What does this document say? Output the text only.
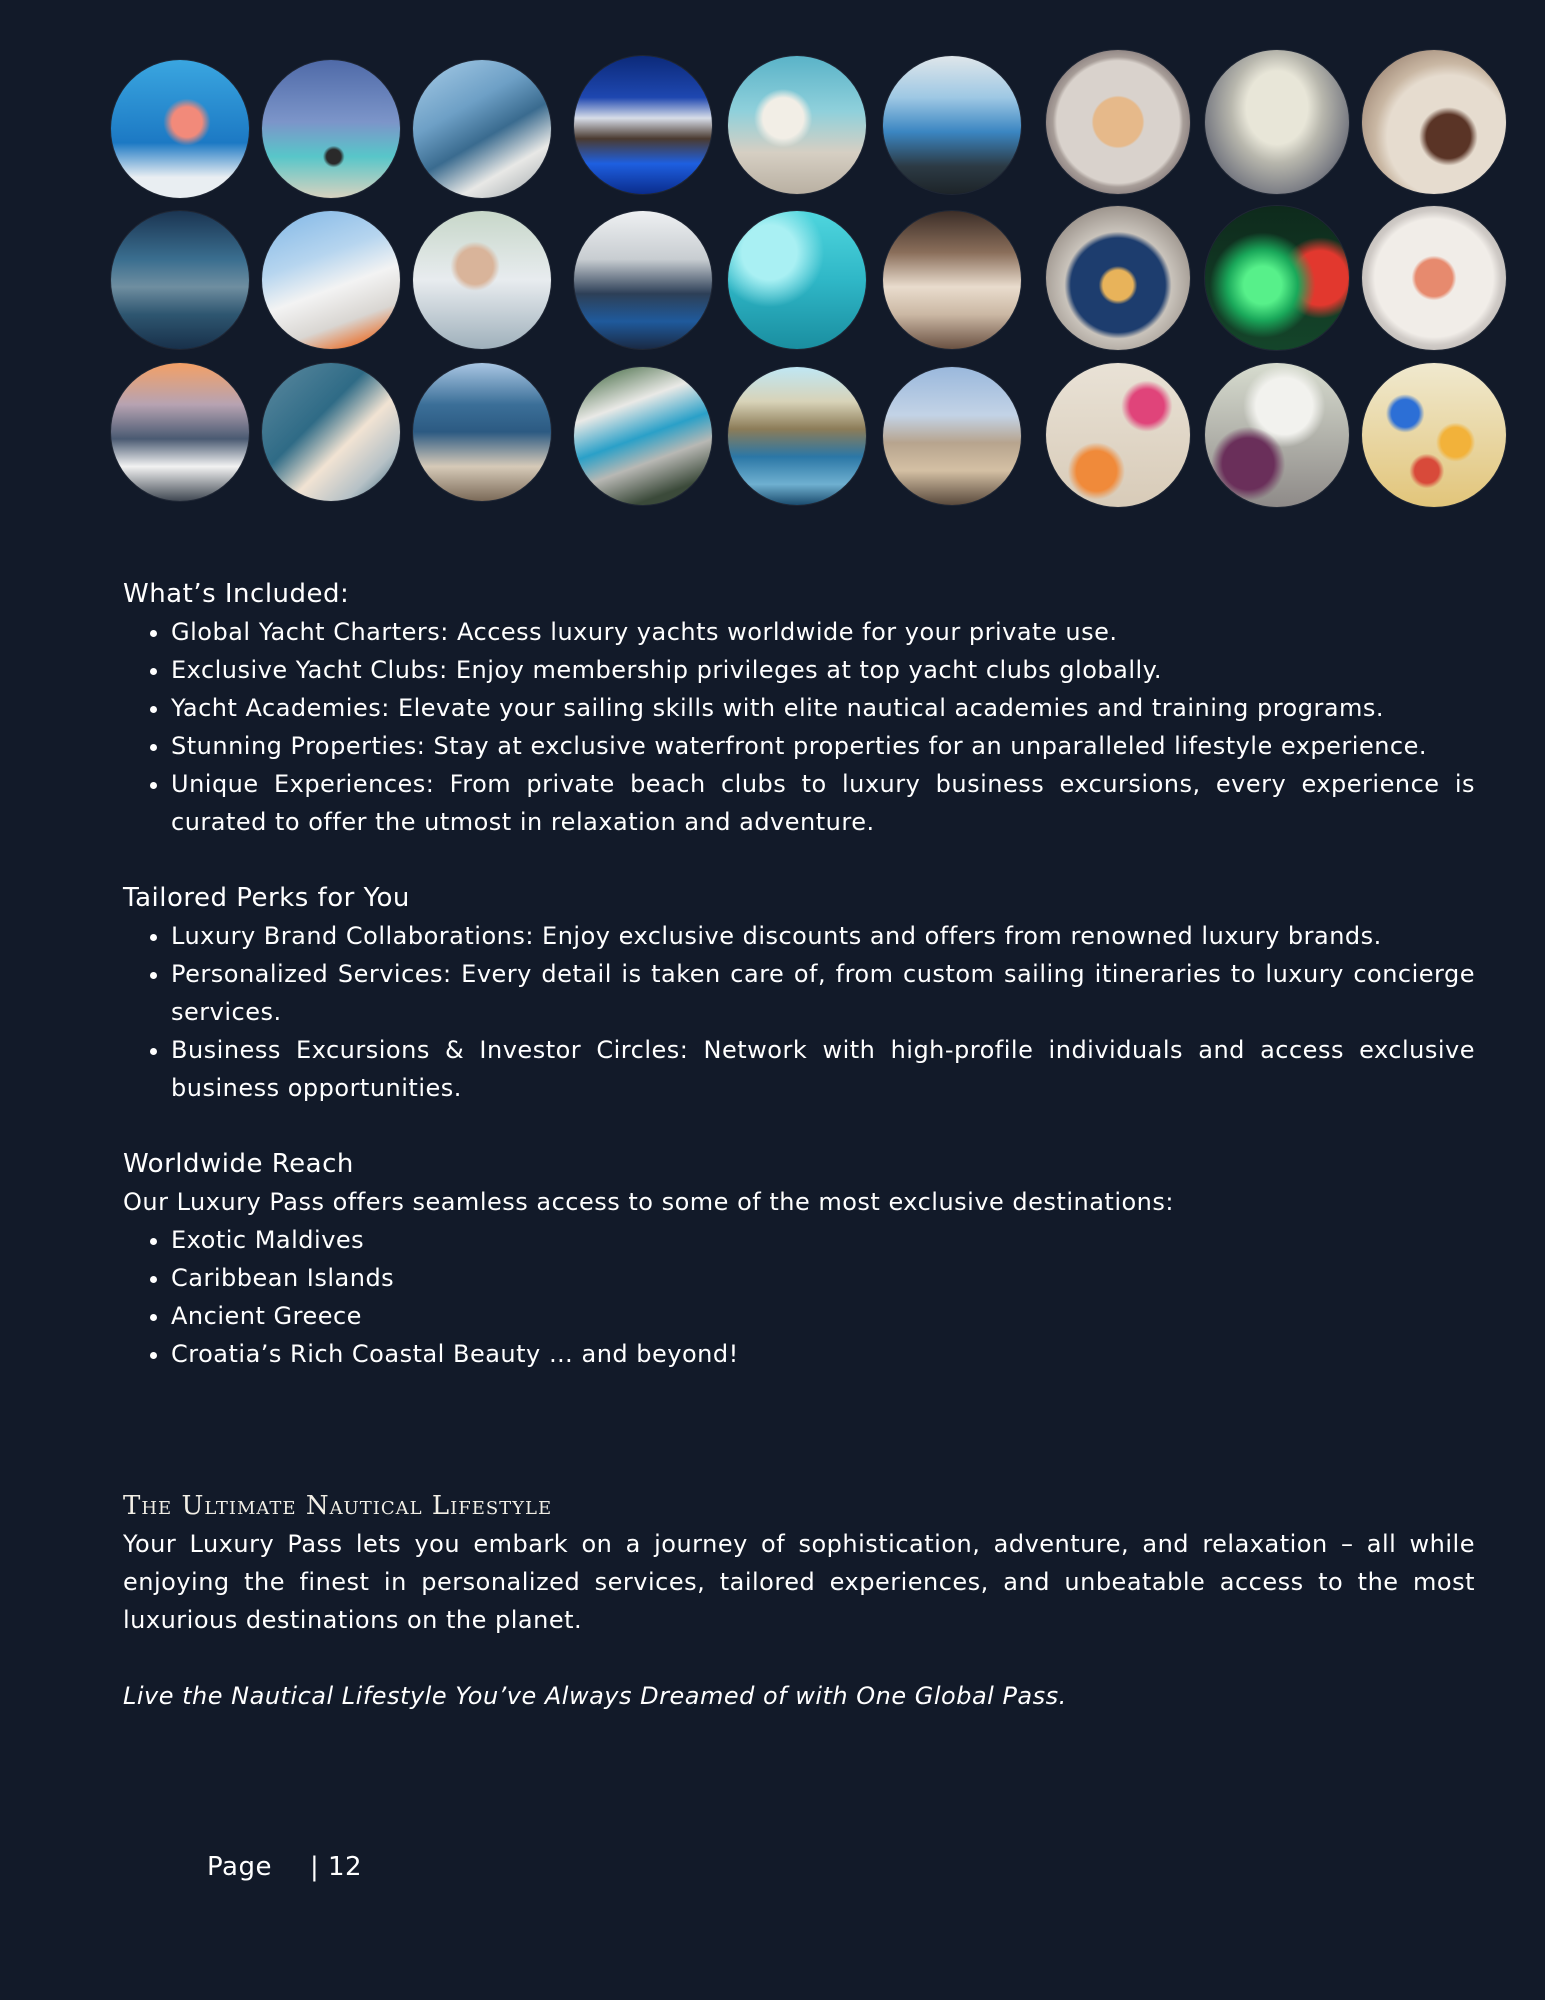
What’s Included:

• Global Yacht Charters: Access luxury yachts worldwide for your private use.
• Exclusive Yacht Clubs: Enjoy membership privileges at top yacht clubs globally.
• Yacht Academies: Elevate your sailing skills with elite nautical academies and training programs.
• Stunning Properties: Stay at exclusive waterfront properties for an unparalleled lifestyle experience.
• Unique Experiences: From private beach clubs to luxury business excursions, every experience is curated to offer the utmost in relaxation and adventure.

Tailored Perks for You

• Luxury Brand Collaborations: Enjoy exclusive discounts and offers from renowned luxury brands.
• Personalized Services: Every detail is taken care of, from custom sailing itineraries to luxury concierge services.
• Business Excursions & Investor Circles: Network with high-profile individuals and access exclusive business opportunities.

Worldwide Reach

Our Luxury Pass offers seamless access to some of the most exclusive destinations:

• Exotic Maldives
• Caribbean Islands
• Ancient Greece
• Croatia’s Rich Coastal Beauty … and beyond!

The Ultimate Nautical Lifestyle

Your Luxury Pass lets you embark on a journey of sophistication, adventure, and relaxation – all while enjoying the finest in personalized services, tailored experiences, and unbeatable access to the most luxurious destinations on the planet.

Live the Nautical Lifestyle You’ve Always Dreamed of with One Global Pass.

Page | 12
